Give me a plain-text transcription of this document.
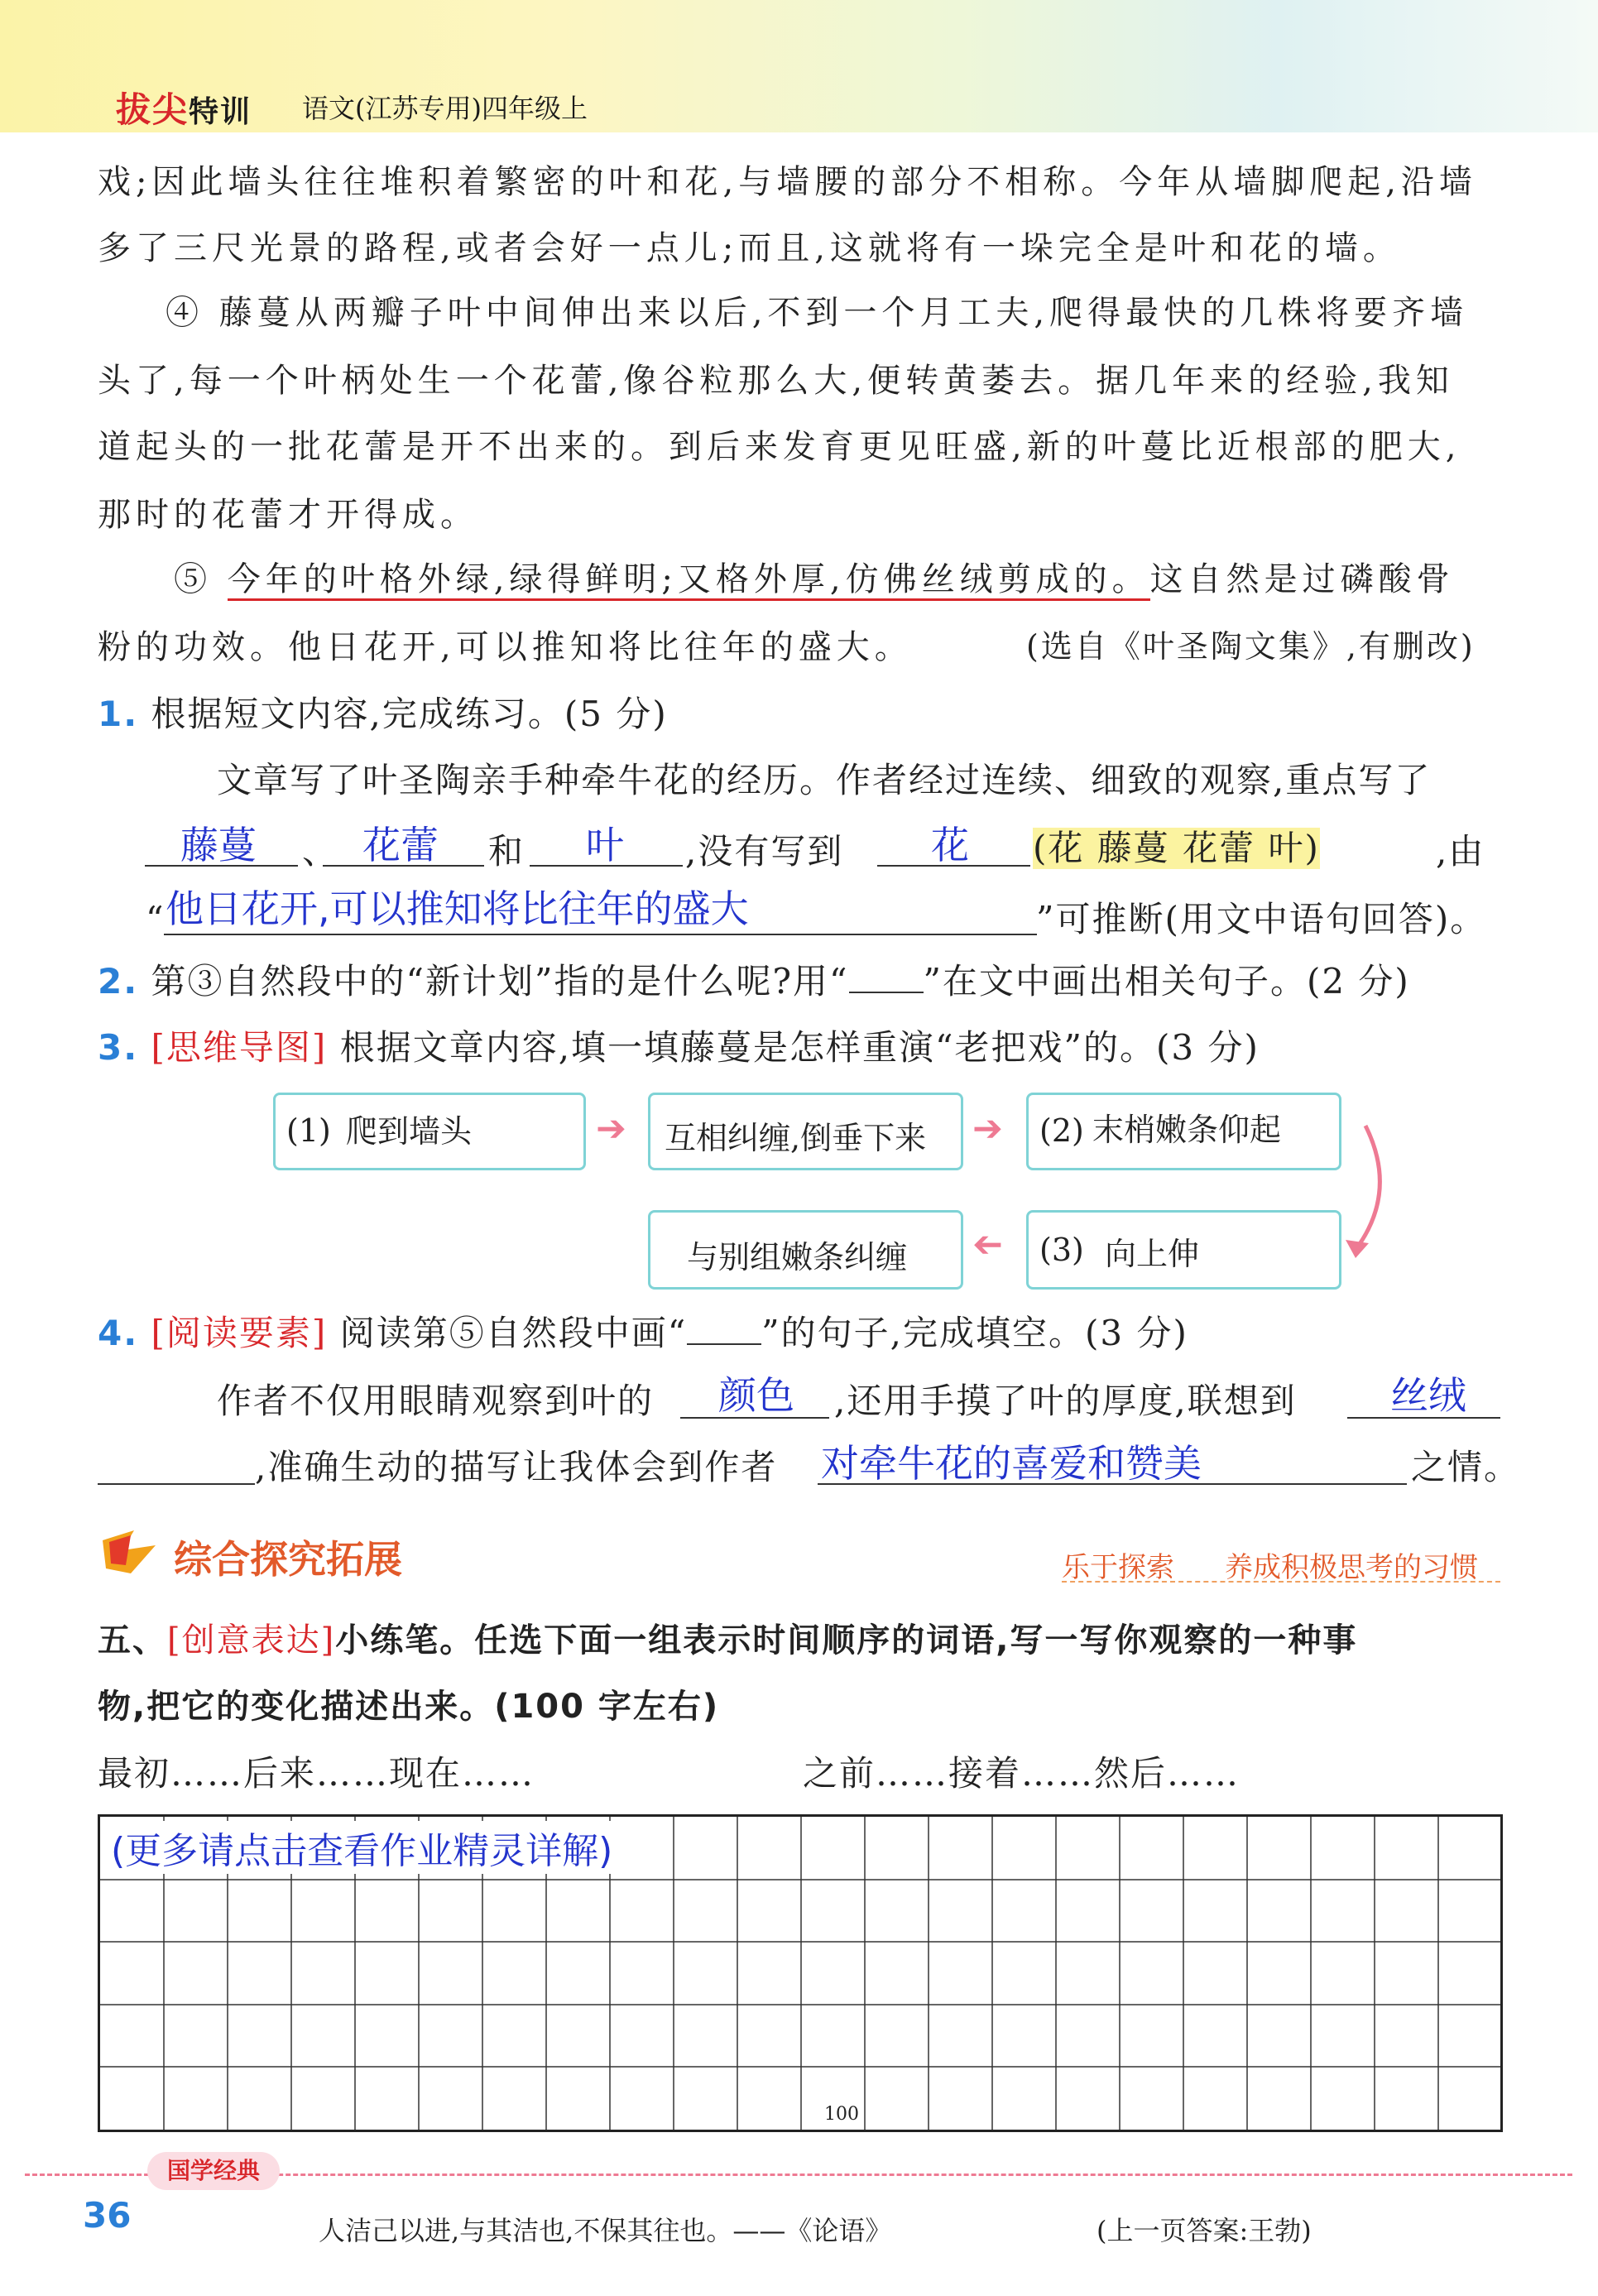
拔尖特训 语文(江苏专用)四年级上
戏;因此墙头往往堆积着繁密的叶和花,与墙腰的部分不相称。今年从墙脚爬起,沿墙
多了三尺光景的路程,或者会好一点儿;而且,这就将有一垛完全是叶和花的墙。
④ 藤蔓从两瓣子叶中间伸出来以后,不到一个月工夫,爬得最快的几株将要齐墙
头了,每一个叶柄处生一个花蕾,像谷粒那么大,便转黄萎去。据几年来的经验,我知
道起头的一批花蕾是开不出来的。到后来发育更见旺盛,新的叶蔓比近根部的肥大,
那时的花蕾才开得成。
⑤ 今年的叶格外绿,绿得鲜明;又格外厚,仿佛丝绒剪成的。这自然是过磷酸骨
粉的功效。他日花开,可以推知将比往年的盛大。	(选自《叶圣陶文集》,有删改)
1. 根据短文内容,完成练习。(5 分)
文章写了叶圣陶亲手种牵牛花的经历。作者经过连续、细致的观察,重点写了
藤蔓 、 花蕾 和 叶 ,没有写到 花 (花 藤蔓 花蕾 叶)	,由
“ 他日花开,可以推知将比往年的盛大	”可推断(用文中语句回答)。
2. 第③自然段中的“新计划”指的是什么呢?用“ ”在文中画出相关句子。(2 分)
3. [思维导图] 根据文章内容,填一填藤蔓是怎样重演“老把戏”的。(3 分)
(1) 爬到墙头	➔ 互相纠缠,倒垂下来 ➔ (2) 末梢嫩条仰起
与别组嫩条纠缠 ➔ (3) 向上伸
4. [阅读要素] 阅读第⑤自然段中画“ ”的句子,完成填空。(3 分)
作者不仅用眼睛观察到叶的 颜色 ,还用手摸了叶的厚度,联想到 丝绒
,准确生动的描写让我体会到作者 对牵牛花的喜爱和赞美	之情。
综合探究拓展	乐于探索 养成积极思考的习惯
五、[创意表达]小练笔。任选下面一组表示时间顺序的词语,写一写你观察的一种事
物,把它的变化描述出来。(100 字左右)
最初……后来……现在……	之前……接着……然后……
(更多请点击查看作业精灵详解)
100
国学经典
36	人洁己以进,与其洁也,不保其往也。——《论语》	(上一页答案:王勃)
